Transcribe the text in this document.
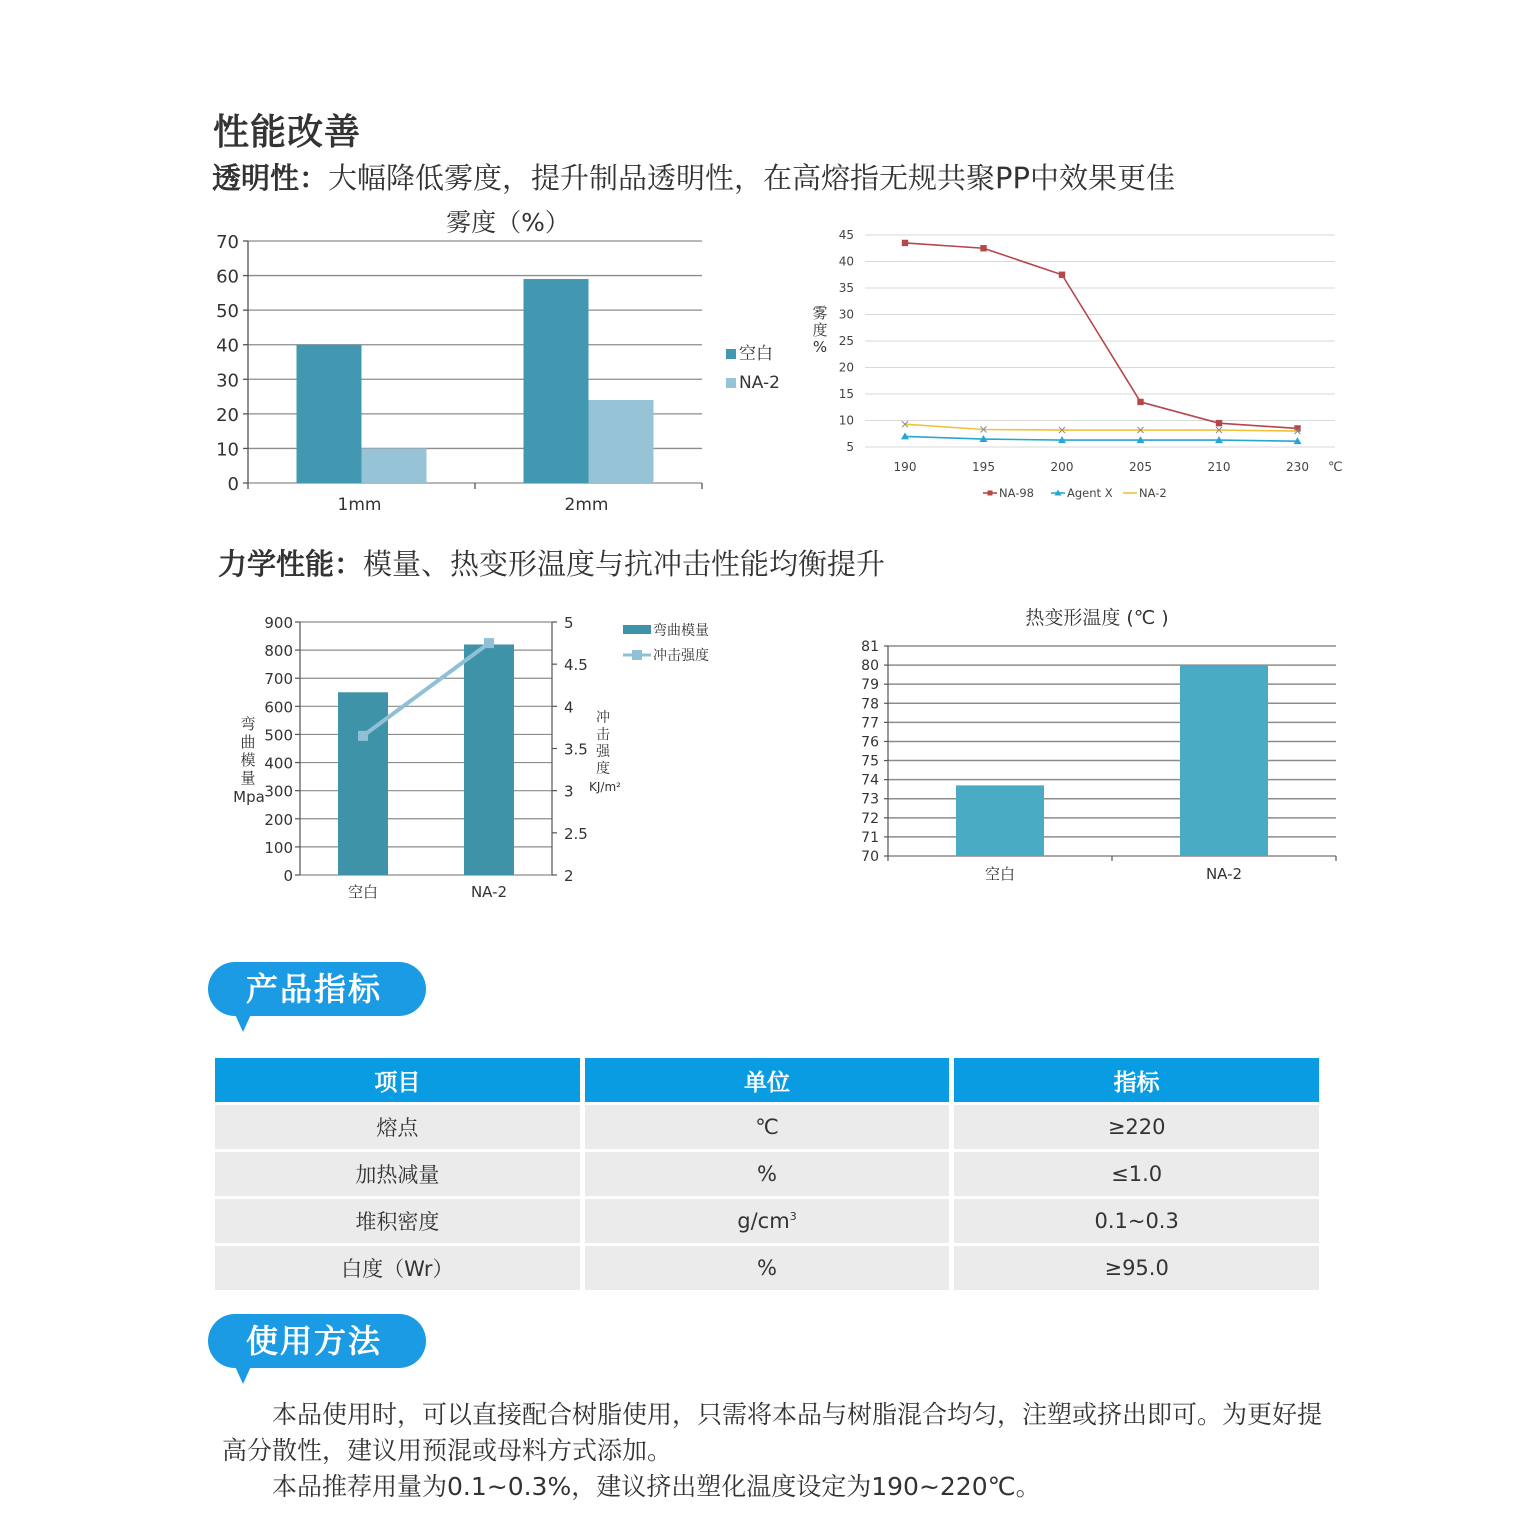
性能改善
透明性：大幅降低雾度，提升制品透明性，在高熔指无规共聚PP中效果更佳
雾度（%）
0
10
20
30
40
50
60
70
1mm	2mm
空白
NA-2
5
10
15
20
25
30
35
40
45
190	195	200	205	210	230
雾
度
%
℃
NA-98	Agent X NA-2
力学性能：模量、热变形温度与抗冲击性能均衡提升
0
100
200
300
400
500
600
700
800
900
2
2.5
3
3.5
4
4.5
5
空白	NA-2
弯
曲
模
量
Mpa
冲
击
强
度
KJ/m²
弯曲模量
冲击强度
热变形温度 (℃ )
70
71
72
73
74
75
76
77
78
79
80
81
空白	NA-2
产品指标
项目	单位	指标
熔点	℃	≥220
加热减量	%	≤1.0
堆积密度	$g/cm^3$	0.1~0.3
白度（Wr）	%	≥95.0
使用方法
本品使用时，可以直接配合树脂使用，只需将本品与树脂混合均匀，注塑或挤出即可。为更好提高分散性，建议用预混或母料方式添加。
本品推荐用量为0.1~0.3%，建议挤出塑化温度设定为190~220℃。
